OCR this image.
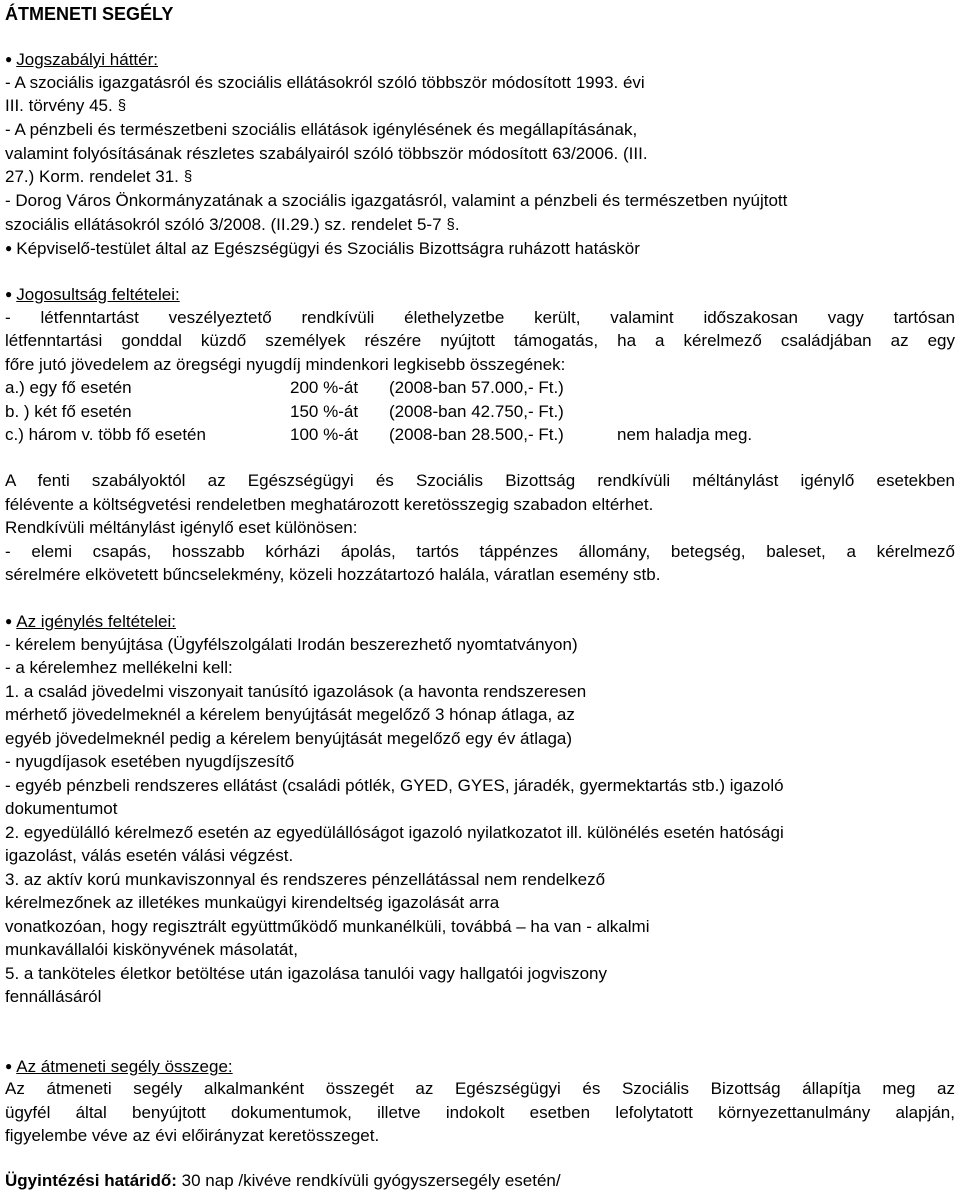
ÁTMENETI SEGÉLY
● Jogszabályi háttér:
- A szociális igazgatásról és szociális ellátásokról szóló többször módosított 1993. évi
III. törvény 45. §
- A pénzbeli és természetbeni szociális ellátások igénylésének és megállapításának,
valamint folyósításának részletes szabályairól szóló többször módosított 63/2006. (III.
27.) Korm. rendelet 31. §
- Dorog Város Önkormányzatának a szociális igazgatásról, valamint a pénzbeli és természetben nyújtott
szociális ellátásokról szóló 3/2008. (II.29.) sz. rendelet 5-7 §.
● Képviselő-testület által az Egészségügyi és Szociális Bizottságra ruházott hatáskör
● Jogosultság feltételei:
- létfenntartást veszélyeztető rendkívüli élethelyzetbe került, valamint időszakosan vagy tartósan
létfenntartási gonddal küzdő személyek részére nyújtott támogatás, ha a kérelmező családjában az egy
főre jutó jövedelem az öregségi nyugdíj mindenkori legkisebb összegének:
a.) egy fő esetén	200 %-át (2008-ban 57.000,- Ft.)
b. ) két fő esetén	150 %-át (2008-ban 42.750,- Ft.)
c.) három v. több fő esetén	100 %-át (2008-ban 28.500,- Ft.)	nem haladja meg.
A fenti szabályoktól az Egészségügyi és Szociális Bizottság rendkívüli méltánylást igénylő esetekben
félévente a költségvetési rendeletben meghatározott keretösszegig szabadon eltérhet.
Rendkívüli méltánylást igénylő eset különösen:
- elemi csapás, hosszabb kórházi ápolás, tartós táppénzes állomány, betegség, baleset, a kérelmező
sérelmére elkövetett bűncselekmény, közeli hozzátartozó halála, váratlan esemény stb.
● Az igénylés feltételei:
- kérelem benyújtása (Ügyfélszolgálati Irodán beszerezhető nyomtatványon)
- a kérelemhez mellékelni kell:
1. a család jövedelmi viszonyait tanúsító igazolások (a havonta rendszeresen
mérhető jövedelmeknél a kérelem benyújtását megelőző 3 hónap átlaga, az
egyéb jövedelmeknél pedig a kérelem benyújtását megelőző egy év átlaga)
- nyugdíjasok esetében nyugdíjszesítő
- egyéb pénzbeli rendszeres ellátást (családi pótlék, GYED, GYES, járadék, gyermektartás stb.) igazoló
dokumentumot
2. egyedülálló kérelmező esetén az egyedülállóságot igazoló nyilatkozatot ill. különélés esetén hatósági
igazolást, válás esetén válási végzést.
3. az aktív korú munkaviszonnyal és rendszeres pénzellátással nem rendelkező
kérelmezőnek az illetékes munkaügyi kirendeltség igazolását arra
vonatkozóan, hogy regisztrált együttműködő munkanélküli, továbbá – ha van - alkalmi
munkavállalói kiskönyvének másolatát,
5. a tanköteles életkor betöltése után igazolása tanulói vagy hallgatói jogviszony
fennállásáról
● Az átmeneti segély összege:
Az átmeneti segély alkalmanként összegét az Egészségügyi és Szociális Bizottság állapítja meg az
ügyfél által benyújtott dokumentumok, illetve indokolt esetben lefolytatott környezettanulmány alapján,
figyelembe véve az évi előirányzat keretösszeget.
Ügyintézési határidő: 30 nap /kivéve rendkívüli gyógyszersegély esetén/
